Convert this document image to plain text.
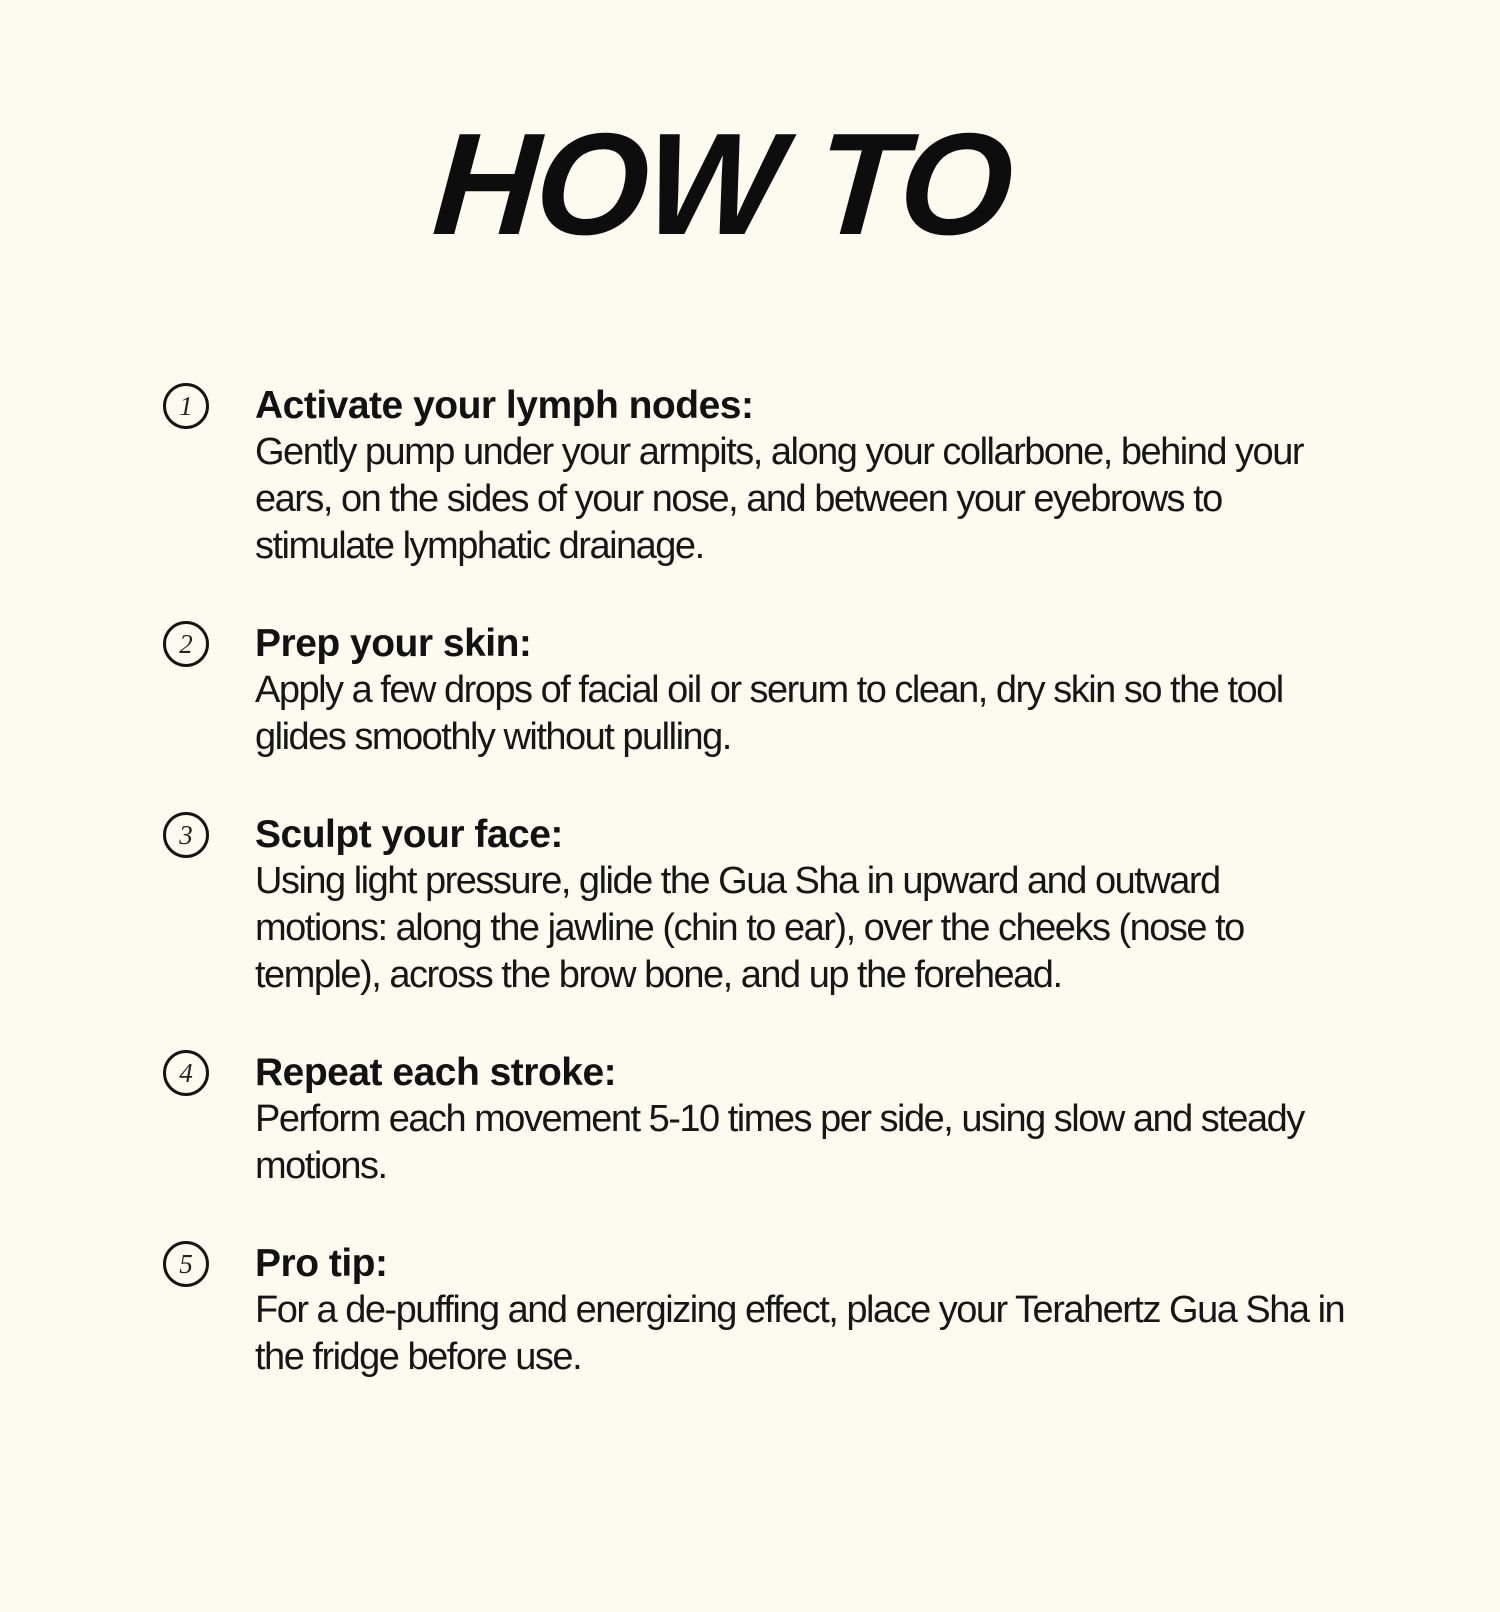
HOW TO
1 Activate your lymph nodes:
Gently pump under your armpits, along your collarbone, behind your ears, on the sides of your nose, and between your eyebrows to stimulate lymphatic drainage.
2 Prep your skin:
Apply a few drops of facial oil or serum to clean, dry skin so the tool glides smoothly without pulling.
3 Sculpt your face:
Using light pressure, glide the Gua Sha in upward and outward motions: along the jawline (chin to ear), over the cheeks (nose to temple), across the brow bone, and up the forehead.
4 Repeat each stroke:
Perform each movement 5-10 times per side, using slow and steady motions.
5 Pro tip:
For a de-puffing and energizing effect, place your Terahertz Gua Sha in the fridge before use.
